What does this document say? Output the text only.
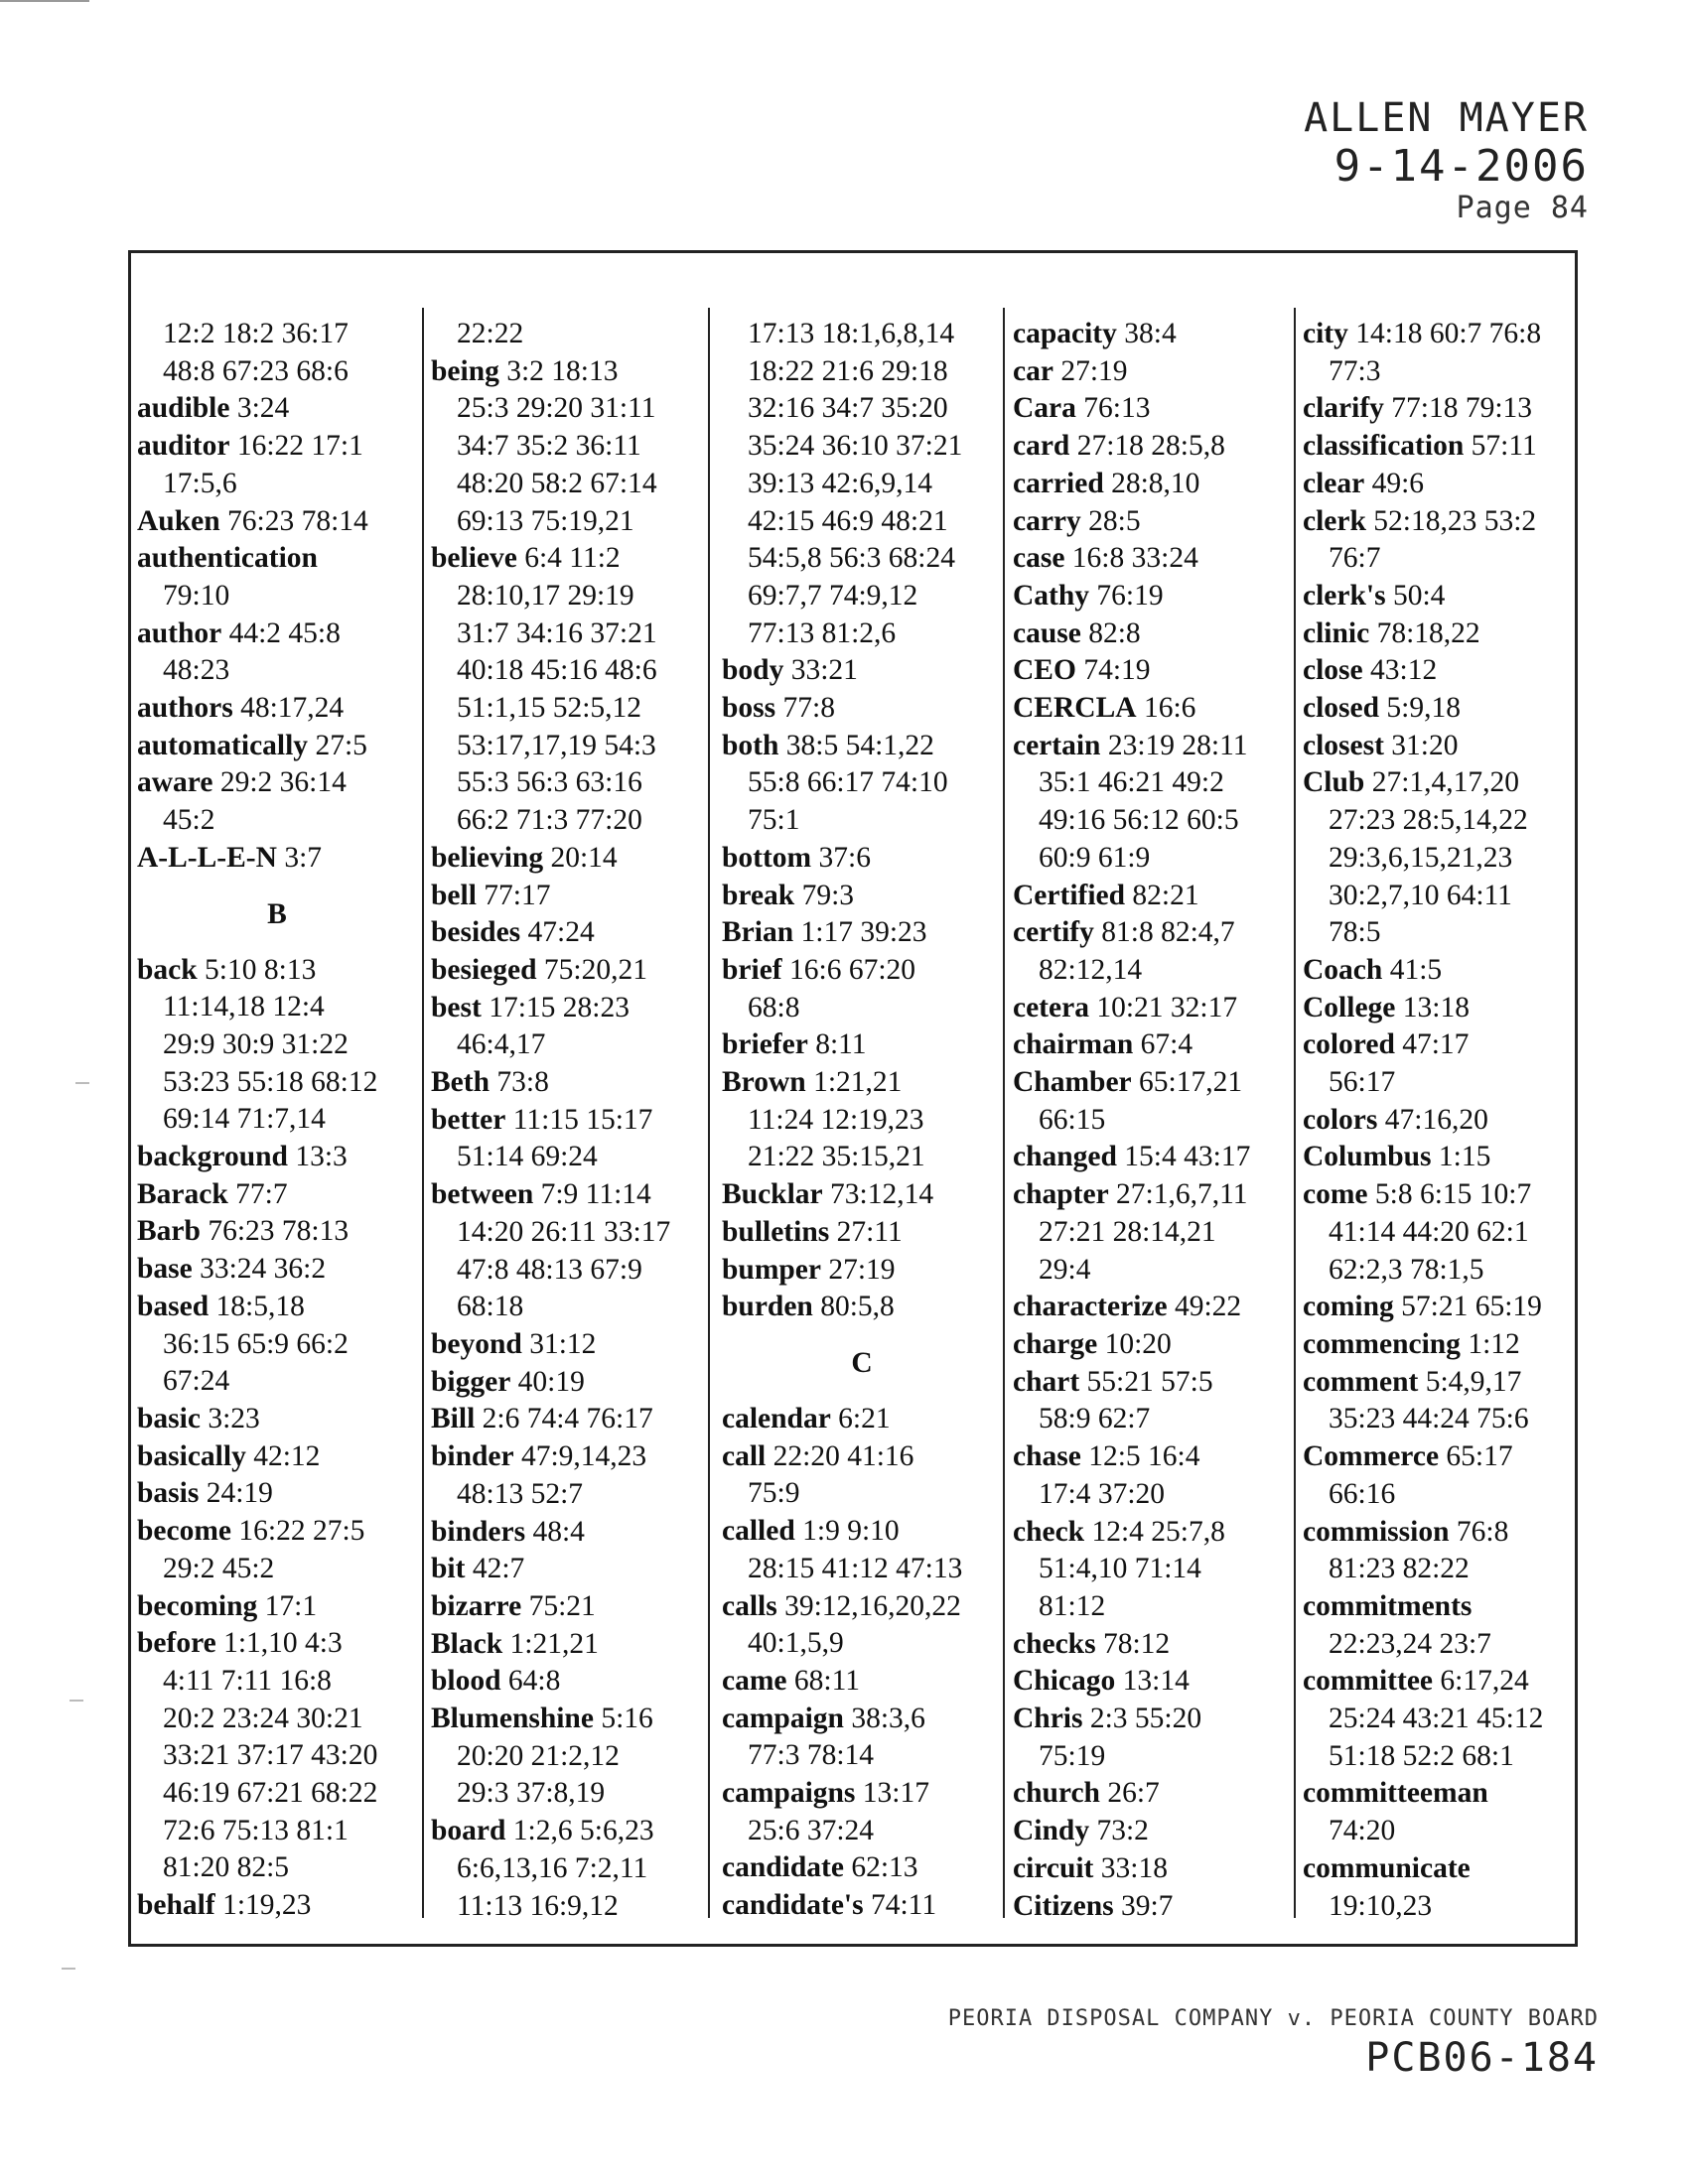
ALLEN MAYER
9-14-2006
Page 84
12:2 18:2 36:17
48:8 67:23 68:6
audible 3:24
auditor 16:22 17:1
17:5,6
Auken 76:23 78:14
authentication
79:10
author 44:2 45:8
48:23
authors 48:17,24
automatically 27:5
aware 29:2 36:14
45:2
A-L-L-E-N 3:7
B
back 5:10 8:13
11:14,18 12:4
29:9 30:9 31:22
53:23 55:18 68:12
69:14 71:7,14
background 13:3
Barack 77:7
Barb 76:23 78:13
base 33:24 36:2
based 18:5,18
36:15 65:9 66:2
67:24
basic 3:23
basically 42:12
basis 24:19
become 16:22 27:5
29:2 45:2
becoming 17:1
before 1:1,10 4:3
4:11 7:11 16:8
20:2 23:24 30:21
33:21 37:17 43:20
46:19 67:21 68:22
72:6 75:13 81:1
81:20 82:5
behalf 1:19,23
22:22
being 3:2 18:13
25:3 29:20 31:11
34:7 35:2 36:11
48:20 58:2 67:14
69:13 75:19,21
believe 6:4 11:2
28:10,17 29:19
31:7 34:16 37:21
40:18 45:16 48:6
51:1,15 52:5,12
53:17,17,19 54:3
55:3 56:3 63:16
66:2 71:3 77:20
believing 20:14
bell 77:17
besides 47:24
besieged 75:20,21
best 17:15 28:23
46:4,17
Beth 73:8
better 11:15 15:17
51:14 69:24
between 7:9 11:14
14:20 26:11 33:17
47:8 48:13 67:9
68:18
beyond 31:12
bigger 40:19
Bill 2:6 74:4 76:17
binder 47:9,14,23
48:13 52:7
binders 48:4
bit 42:7
bizarre 75:21
Black 1:21,21
blood 64:8
Blumenshine 5:16
20:20 21:2,12
29:3 37:8,19
board 1:2,6 5:6,23
6:6,13,16 7:2,11
11:13 16:9,12
17:13 18:1,6,8,14
18:22 21:6 29:18
32:16 34:7 35:20
35:24 36:10 37:21
39:13 42:6,9,14
42:15 46:9 48:21
54:5,8 56:3 68:24
69:7,7 74:9,12
77:13 81:2,6
body 33:21
boss 77:8
both 38:5 54:1,22
55:8 66:17 74:10
75:1
bottom 37:6
break 79:3
Brian 1:17 39:23
brief 16:6 67:20
68:8
briefer 8:11
Brown 1:21,21
11:24 12:19,23
21:22 35:15,21
Bucklar 73:12,14
bulletins 27:11
bumper 27:19
burden 80:5,8
C
calendar 6:21
call 22:20 41:16
75:9
called 1:9 9:10
28:15 41:12 47:13
calls 39:12,16,20,22
40:1,5,9
came 68:11
campaign 38:3,6
77:3 78:14
campaigns 13:17
25:6 37:24
candidate 62:13
candidate's 74:11
capacity 38:4
car 27:19
Cara 76:13
card 27:18 28:5,8
carried 28:8,10
carry 28:5
case 16:8 33:24
Cathy 76:19
cause 82:8
CEO 74:19
CERCLA 16:6
certain 23:19 28:11
35:1 46:21 49:2
49:16 56:12 60:5
60:9 61:9
Certified 82:21
certify 81:8 82:4,7
82:12,14
cetera 10:21 32:17
chairman 67:4
Chamber 65:17,21
66:15
changed 15:4 43:17
chapter 27:1,6,7,11
27:21 28:14,21
29:4
characterize 49:22
charge 10:20
chart 55:21 57:5
58:9 62:7
chase 12:5 16:4
17:4 37:20
check 12:4 25:7,8
51:4,10 71:14
81:12
checks 78:12
Chicago 13:14
Chris 2:3 55:20
75:19
church 26:7
Cindy 73:2
circuit 33:18
Citizens 39:7
city 14:18 60:7 76:8
77:3
clarify 77:18 79:13
classification 57:11
clear 49:6
clerk 52:18,23 53:2
76:7
clerk's 50:4
clinic 78:18,22
close 43:12
closed 5:9,18
closest 31:20
Club 27:1,4,17,20
27:23 28:5,14,22
29:3,6,15,21,23
30:2,7,10 64:11
78:5
Coach 41:5
College 13:18
colored 47:17
56:17
colors 47:16,20
Columbus 1:15
come 5:8 6:15 10:7
41:14 44:20 62:1
62:2,3 78:1,5
coming 57:21 65:19
commencing 1:12
comment 5:4,9,17
35:23 44:24 75:6
Commerce 65:17
66:16
commission 76:8
81:23 82:22
commitments
22:23,24 23:7
committee 6:17,24
25:24 43:21 45:12
51:18 52:2 68:1
committeeman
74:20
communicate
19:10,23
PEORIA DISPOSAL COMPANY v. PEORIA COUNTY BOARD
PCB06-184
